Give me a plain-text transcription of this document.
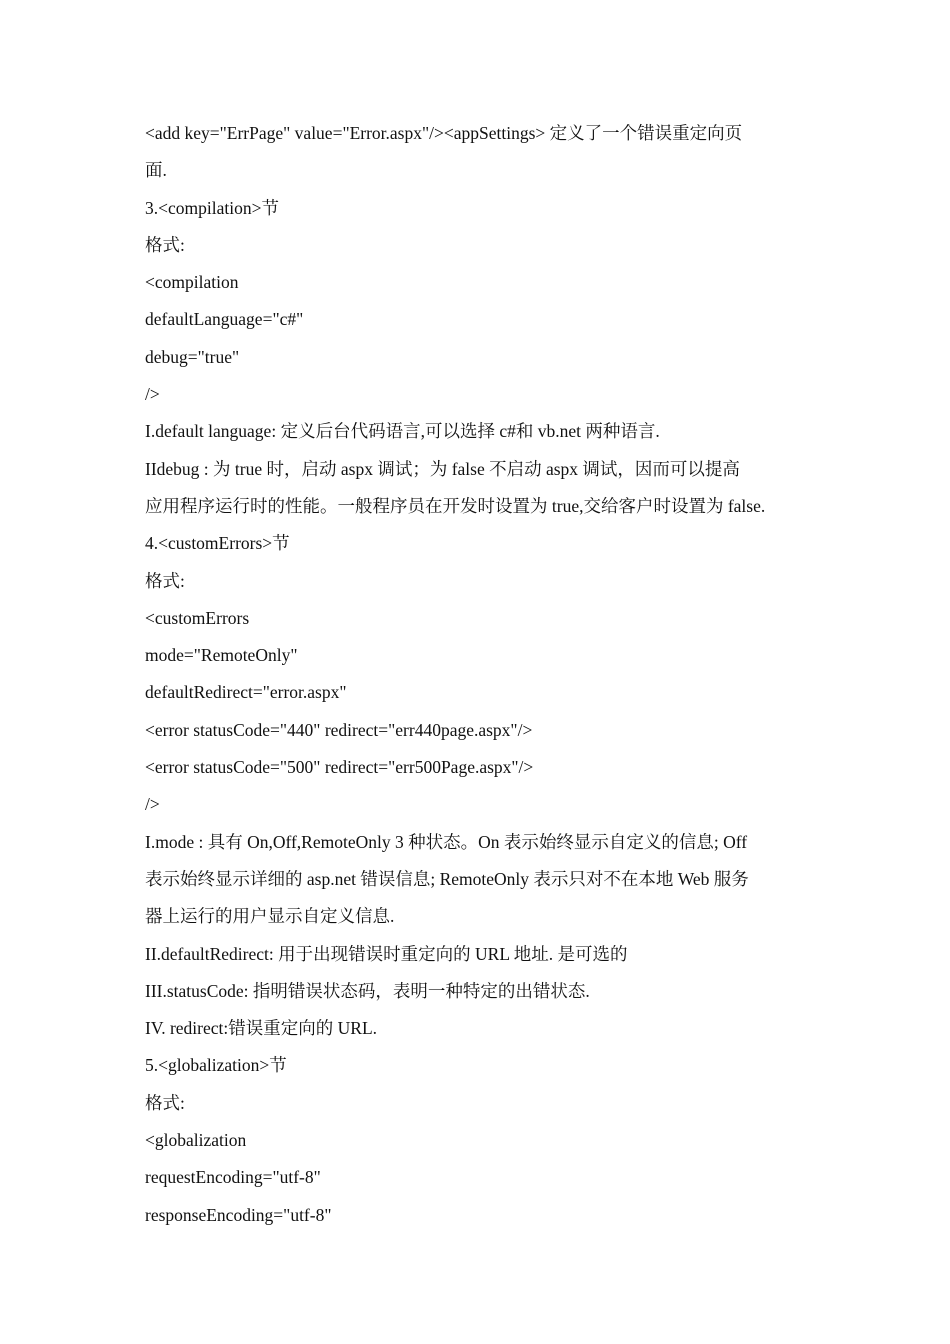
<add key="ErrPage" value="Error.aspx"/><appSettings> 定义了一个错误重定向页
面.
3.<compilation>节
格式:
<compilation
defaultLanguage="c#"
debug="true"
/>
I.default language: 定义后台代码语言,可以选择 c#和 vb.net 两种语言.
IIdebug : 为 true 时，启动 aspx 调试；为 false 不启动 aspx 调试，因而可以提高
应用程序运行时的性能。一般程序员在开发时设置为 true,交给客户时设置为 false.
4.<customErrors>节
格式:
<customErrors
mode="RemoteOnly"
defaultRedirect="error.aspx"
<error statusCode="440" redirect="err440page.aspx"/>
<error statusCode="500" redirect="err500Page.aspx"/>
/>
I.mode : 具有 On,Off,RemoteOnly 3 种状态。On 表示始终显示自定义的信息; Off
表示始终显示详细的 asp.net 错误信息; RemoteOnly 表示只对不在本地 Web 服务
器上运行的用户显示自定义信息.
II.defaultRedirect: 用于出现错误时重定向的 URL 地址. 是可选的
III.statusCode: 指明错误状态码，表明一种特定的出错状态.
IV. redirect:错误重定向的 URL.
5.<globalization>节
格式:
<globalization
requestEncoding="utf-8"
responseEncoding="utf-8"
